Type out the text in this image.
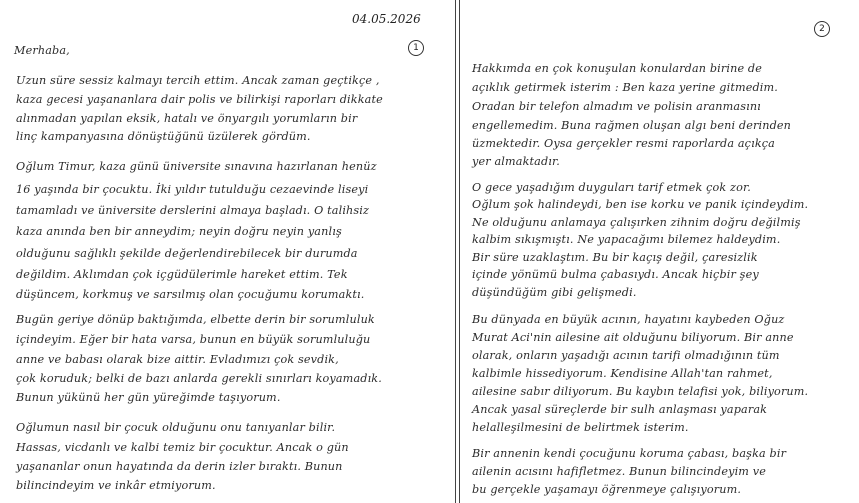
04.05.2026
1
Merhaba,
Uzun süre sessiz kalmayı tercih ettim. Ancak zaman geçtikçe ,
kaza gecesi yaşananlara dair polis ve bilirkişi raporları dikkate
alınmadan yapılan eksik, hatalı ve önyargılı yorumların bir
linç kampanyasına dönüştüğünü üzülerek gördüm.
Oğlum Timur, kaza günü üniversite sınavına hazırlanan henüz
16 yaşında bir çocuktu. İki yıldır tutulduğu cezaevinde liseyi
tamamladı ve üniversite derslerini almaya başladı. O talihsiz
kaza anında ben bir anneydim; neyin doğru neyin yanlış
olduğunu sağlıklı şekilde değerlendirebilecek bir durumda
değildim. Aklımdan çok içgüdülerimle hareket ettim. Tek
düşüncem, korkmuş ve sarsılmış olan çocuğumu korumaktı.
Bugün geriye dönüp baktığımda, elbette derin bir sorumluluk
içindeyim. Eğer bir hata varsa, bunun en büyük sorumluluğu
anne ve babası olarak bize aittir. Evladımızı çok sevdik,
çok koruduk; belki de bazı anlarda gerekli sınırları koyamadık.
Bunun yükünü her gün yüreğimde taşıyorum.
Oğlumun nasıl bir çocuk olduğunu onu tanıyanlar bilir.
Hassas, vicdanlı ve kalbi temiz bir çocuktur. Ancak o gün
yaşananlar onun hayatında da derin izler bıraktı. Bunun
bilincindeyim ve inkâr etmiyorum.
2
Hakkımda en çok konuşulan konulardan birine de
açıklık getirmek isterim : Ben kaza yerine gitmedim.
Oradan bir telefon almadım ve polisin aranmasını
engellemedim. Buna rağmen oluşan algı beni derinden
üzmektedir. Oysa gerçekler resmi raporlarda açıkça
yer almaktadır.
O gece yaşadığım duyguları tarif etmek çok zor.
Oğlum şok halindeydi, ben ise korku ve panik içindeydim.
Ne olduğunu anlamaya çalışırken zihnim doğru değilmiş
kalbim sıkışmıştı. Ne yapacağımı bilemez haldeydim.
Bir süre uzaklaştım. Bu bir kaçış değil, çaresizlik
içinde yönümü bulma çabasıydı. Ancak hiçbir şey
düşündüğüm gibi gelişmedi.
Bu dünyada en büyük acının, hayatını kaybeden Oğuz
Murat Aci'nin ailesine ait olduğunu biliyorum. Bir anne
olarak, onların yaşadığı acının tarifi olmadığının tüm
kalbimle hissediyorum. Kendisine Allah'tan rahmet,
ailesine sabır diliyorum. Bu kaybın telafisi yok, biliyorum.
Ancak yasal süreçlerde bir sulh anlaşması yaparak
helalleşilmesini de belirtmek isterim.
Bir annenin kendi çocuğunu koruma çabası, başka bir
ailenin acısını hafifletmez. Bunun bilincindeyim ve
bu gerçekle yaşamayı öğrenmeye çalışıyorum.
